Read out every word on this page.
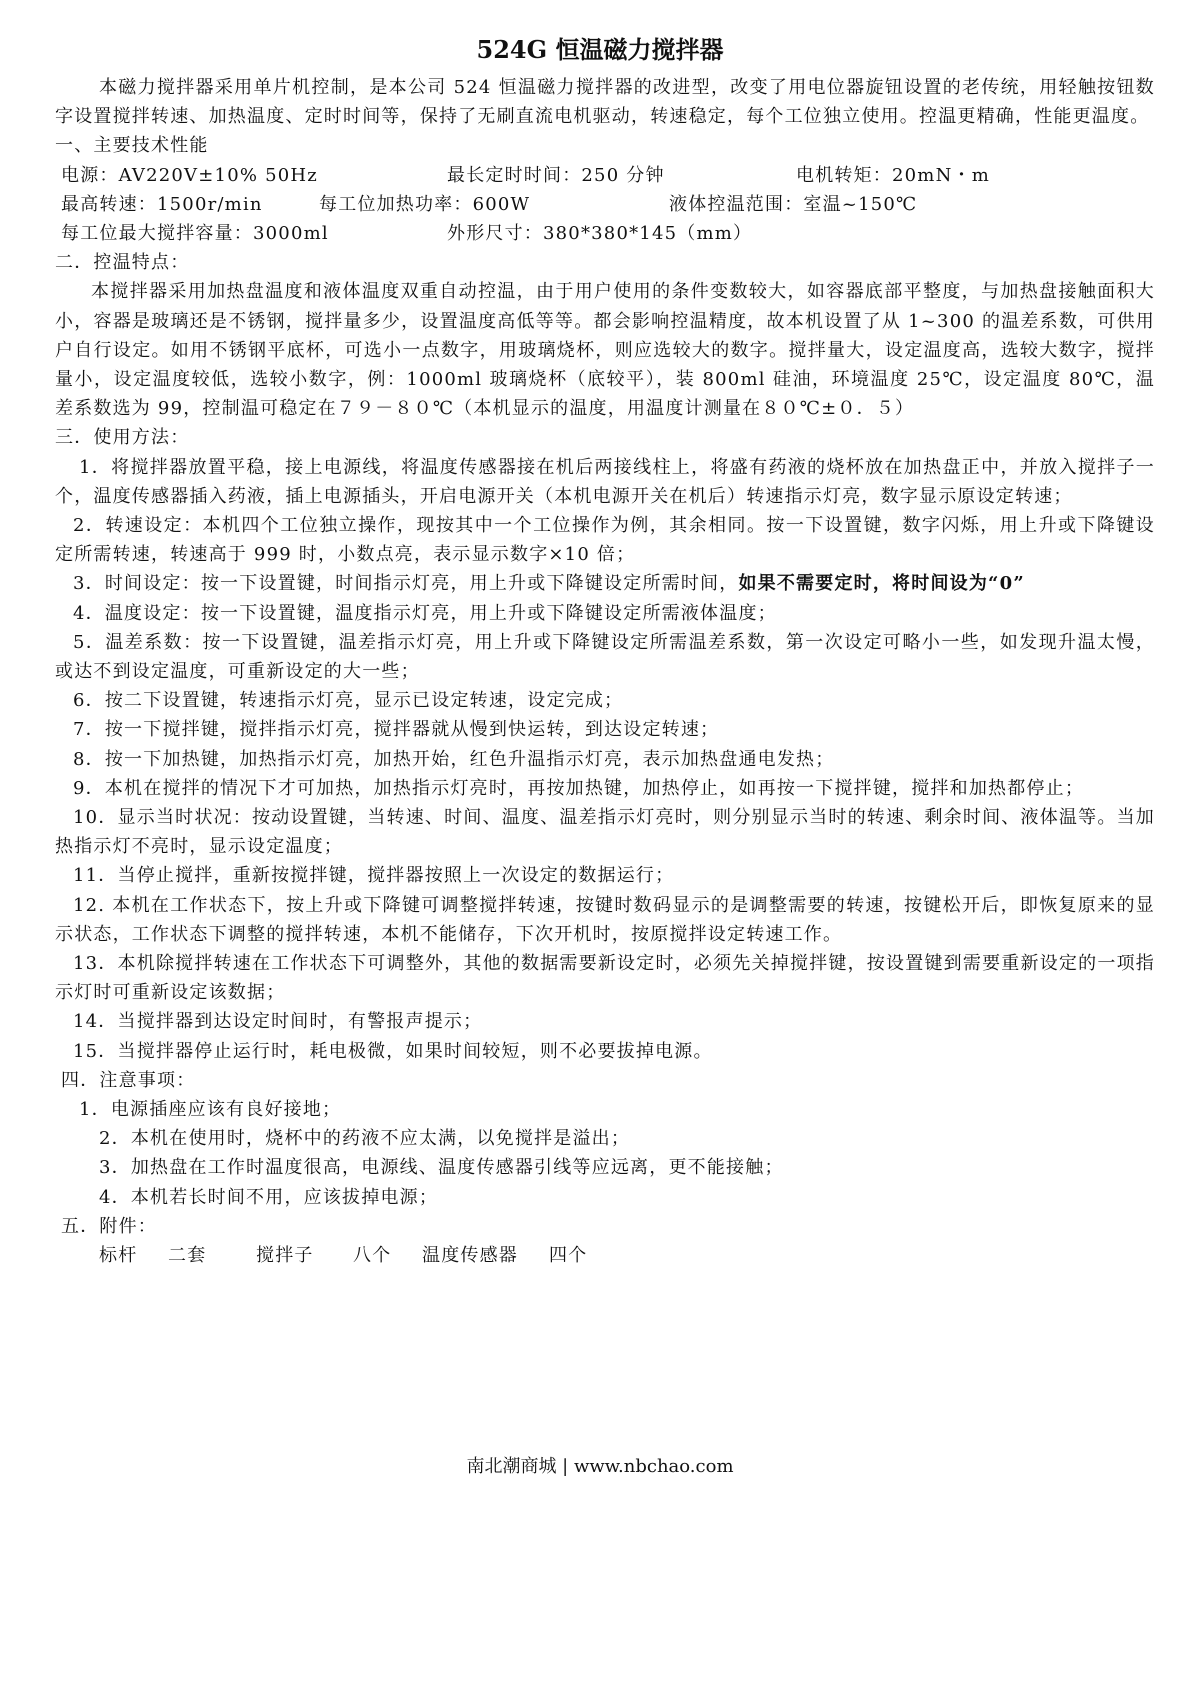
524G 恒温磁力搅拌器

本磁力搅拌器采用单片机控制，是本公司 524 恒温磁力搅拌器的改进型，改变了用电位器旋钮设置的老传统，用轻触按钮数字设置搅拌转速、加热温度、定时时间等，保持了无刷直流电机驱动，转速稳定，每个工位独立使用。控温更精确，性能更温度。

一、主要技术性能

电源：AV220V±10% 50Hz	最长定时时间：250 分钟	电机转矩：20mN・m
最高转速：1500r/min	每工位加热功率：600W	液体控温范围：室温~150℃
每工位最大搅拌容量：3000ml	外形尺寸：380*380*145（mm）

二．控温特点：

本搅拌器采用加热盘温度和液体温度双重自动控温，由于用户使用的条件变数较大，如容器底部平整度，与加热盘接触面积大小，容器是玻璃还是不锈钢，搅拌量多少，设置温度高低等等。都会影响控温精度，故本机设置了从 1~300 的温差系数，可供用户自行设定。如用不锈钢平底杯，可选小一点数字，用玻璃烧杯，则应选较大的数字。搅拌量大，设定温度高，选较大数字，搅拌量小，设定温度较低，选较小数字，例：1000ml 玻璃烧杯（底较平），装 800ml 硅油，环境温度 25℃，设定温度 80℃，温差系数选为 99，控制温可稳定在７９－８０℃（本机显示的温度，用温度计测量在８０℃±０．５）

三．使用方法：

1．将搅拌器放置平稳，接上电源线，将温度传感器接在机后两接线柱上，将盛有药液的烧杯放在加热盘正中，并放入搅拌子一个，温度传感器插入药液，插上电源插头，开启电源开关（本机电源开关在机后）转速指示灯亮，数字显示原设定转速；

2．转速设定：本机四个工位独立操作，现按其中一个工位操作为例，其余相同。按一下设置键，数字闪烁，用上升或下降键设定所需转速，转速高于 999 时，小数点亮，表示显示数字×10 倍；

3．时间设定：按一下设置键，时间指示灯亮，用上升或下降键设定所需时间，如果不需要定时，将时间设为“0”

4．温度设定：按一下设置键，温度指示灯亮，用上升或下降键设定所需液体温度；

5．温差系数：按一下设置键，温差指示灯亮，用上升或下降键设定所需温差系数，第一次设定可略小一些，如发现升温太慢，或达不到设定温度，可重新设定的大一些；

6．按二下设置键，转速指示灯亮，显示已设定转速，设定完成；

7．按一下搅拌键，搅拌指示灯亮，搅拌器就从慢到快运转，到达设定转速；

8．按一下加热键，加热指示灯亮，加热开始，红色升温指示灯亮，表示加热盘通电发热；

9．本机在搅拌的情况下才可加热，加热指示灯亮时，再按加热键，加热停止，如再按一下搅拌键，搅拌和加热都停止；

10．显示当时状况：按动设置键，当转速、时间、温度、温差指示灯亮时，则分别显示当时的转速、剩余时间、液体温等。当加热指示灯不亮时，显示设定温度；

11．当停止搅拌，重新按搅拌键，搅拌器按照上一次设定的数据运行；

12. 本机在工作状态下，按上升或下降键可调整搅拌转速，按键时数码显示的是调整需要的转速，按键松开后，即恢复原来的显示状态，工作状态下调整的搅拌转速，本机不能储存，下次开机时，按原搅拌设定转速工作。

13．本机除搅拌转速在工作状态下可调整外，其他的数据需要新设定时，必须先关掉搅拌键，按设置键到需要重新设定的一项指示灯时可重新设定该数据；

14．当搅拌器到达设定时间时，有警报声提示；

15．当搅拌器停止运行时，耗电极微，如果时间较短，则不必要拔掉电源。

四．注意事项：

1．电源插座应该有良好接地；

2．本机在使用时，烧杯中的药液不应太满，以免搅拌是溢出；

3．加热盘在工作时温度很高，电源线、温度传感器引线等应远离，更不能接触；

4．本机若长时间不用，应该拔掉电源；

五．附件：

标杆 二套	搅拌子 八个 温度传感器 四个
南北潮商城 | www.nbchao.com
